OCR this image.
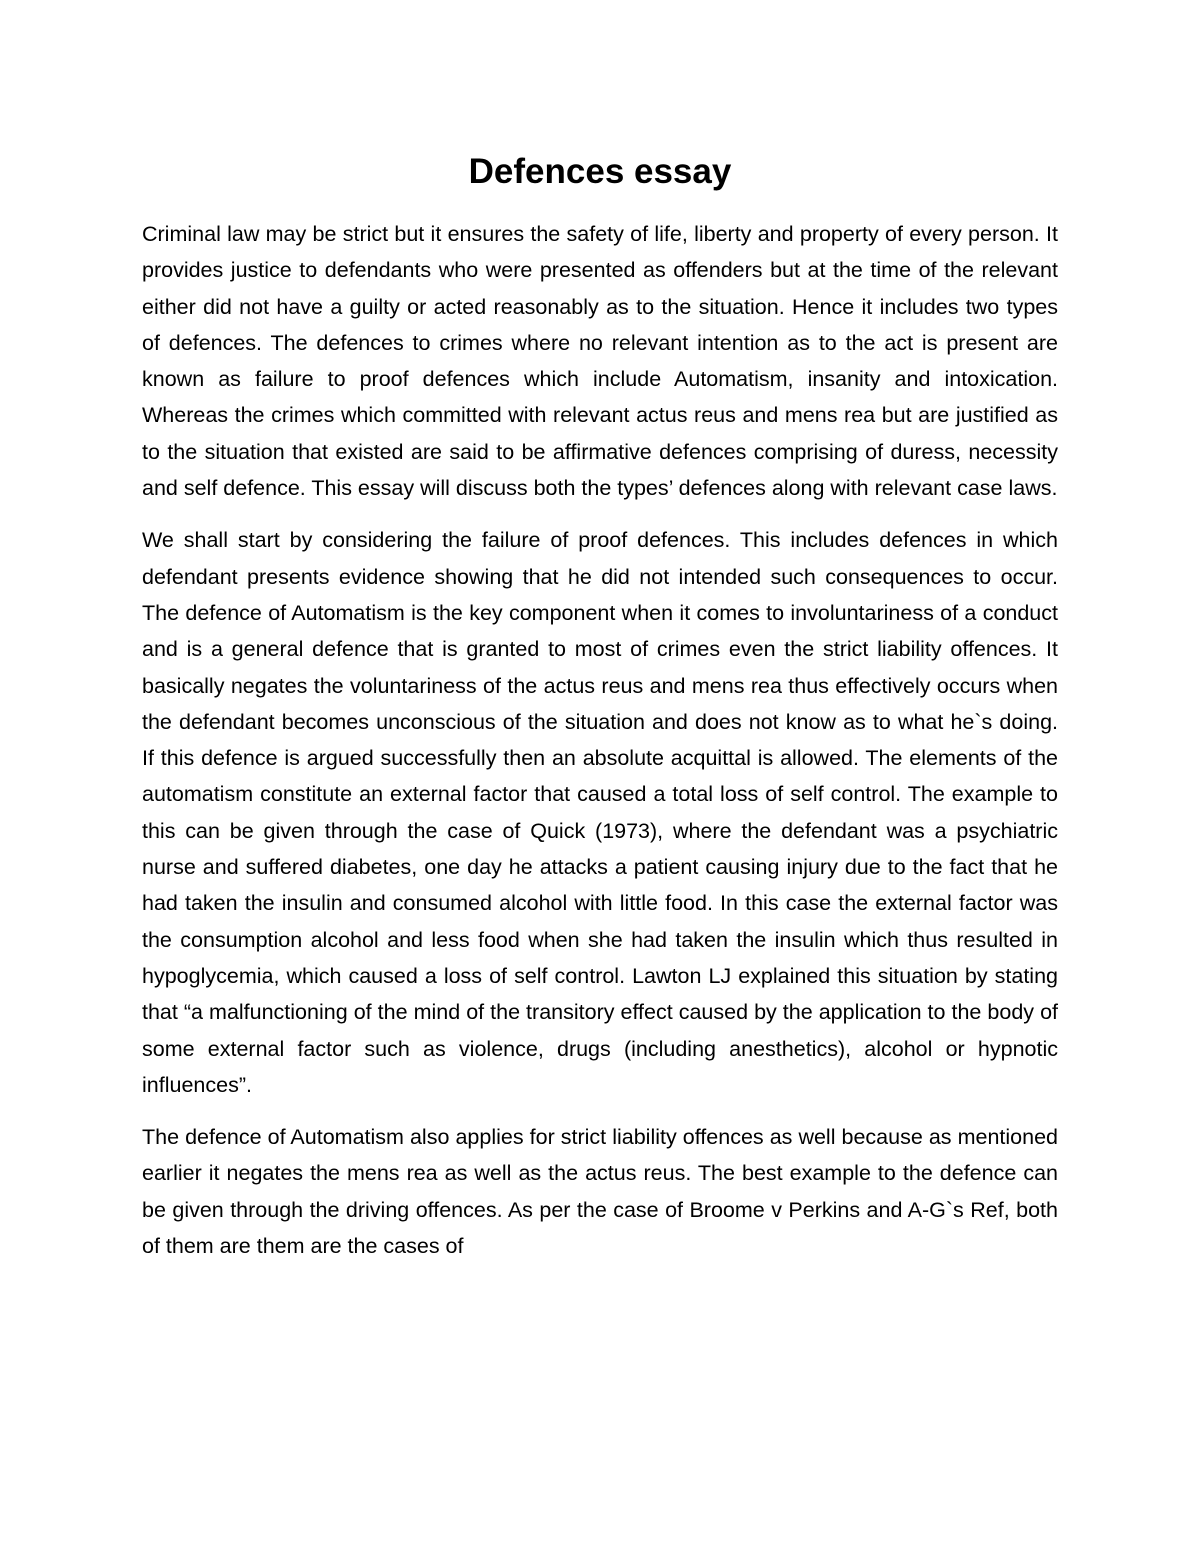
Defences essay

Criminal law may be strict but it ensures the safety of life, liberty and property of every person. It provides justice to defendants who were presented as offenders but at the time of the relevant either did not have a guilty or acted reasonably as to the situation. Hence it includes two types of defences. The defences to crimes where no relevant intention as to the act is present are known as failure to proof defences which include Automatism, insanity and intoxication. Whereas the crimes which committed with relevant actus reus and mens rea but are justified as to the situation that existed are said to be affirmative defences comprising of duress, necessity and self defence. This essay will discuss both the types’ defences along with relevant case laws.

We shall start by considering the failure of proof defences. This includes defences in which defendant presents evidence showing that he did not intended such consequences to occur. The defence of Automatism is the key component when it comes to involuntariness of a conduct and is a general defence that is granted to most of crimes even the strict liability offences. It basically negates the voluntariness of the actus reus and mens rea thus effectively occurs when the defendant becomes unconscious of the situation and does not know as to what he`s doing. If this defence is argued successfully then an absolute acquittal is allowed. The elements of the automatism constitute an external factor that caused a total loss of self control. The example to this can be given through the case of Quick (1973), where the defendant was a psychiatric nurse and suffered diabetes, one day he attacks a patient causing injury due to the fact that he had taken the insulin and consumed alcohol with little food. In this case the external factor was the consumption alcohol and less food when she had taken the insulin which thus resulted in hypoglycemia, which caused a loss of self control. Lawton LJ explained this situation by stating that “a malfunctioning of the mind of the transitory effect caused by the application to the body of some external factor such as violence, drugs (including anesthetics), alcohol or hypnotic influences”.

The defence of Automatism also applies for strict liability offences as well because as mentioned earlier it negates the mens rea as well as the actus reus. The best example to the defence can be given through the driving offences. As per the case of Broome v Perkins and A-G`s Ref, both of them are them are the cases of
